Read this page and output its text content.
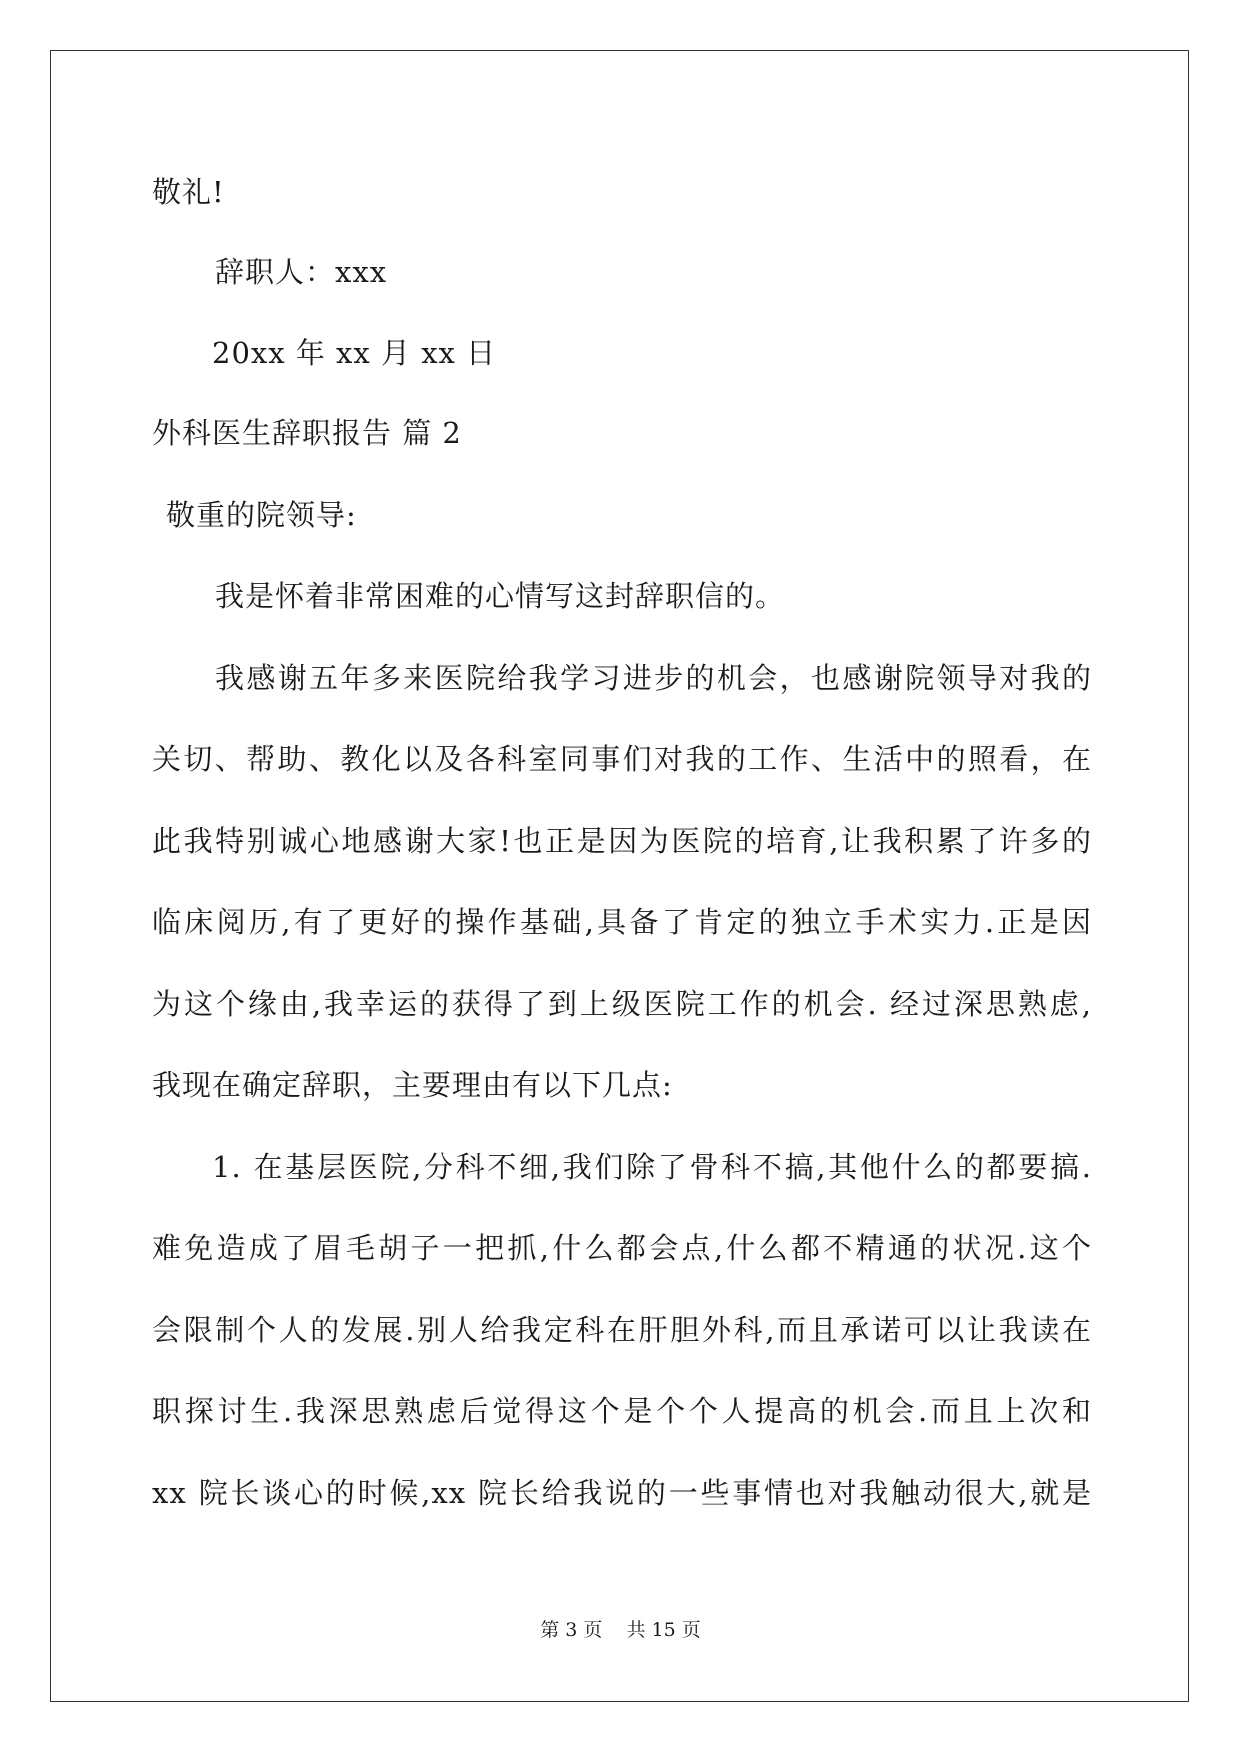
敬礼!
辞职人：xxx
20xx 年 xx 月 xx 日
外科医生辞职报告 篇 2
敬重的院领导:
我是怀着非常困难的心情写这封辞职信的。
我感谢五年多来医院给我学习进步的机会，也感谢院领导对我的
关切、帮助、教化以及各科室同事们对我的工作、生活中的照看，在
此我特别诚心地感谢大家!也正是因为医院的培育,让我积累了许多的
临床阅历,有了更好的操作基础,具备了肯定的独立手术实力.正是因
为这个缘由,我幸运的获得了到上级医院工作的机会. 经过深思熟虑,
我现在确定辞职，主要理由有以下几点:
1. 在基层医院,分科不细,我们除了骨科不搞,其他什么的都要搞.
难免造成了眉毛胡子一把抓,什么都会点,什么都不精通的状况.这个
会限制个人的发展.别人给我定科在肝胆外科,而且承诺可以让我读在
职探讨生.我深思熟虑后觉得这个是个个人提高的机会.而且上次和
xx 院长谈心的时候,xx 院长给我说的一些事情也对我触动很大,就是
第 3 页 共 15 页
